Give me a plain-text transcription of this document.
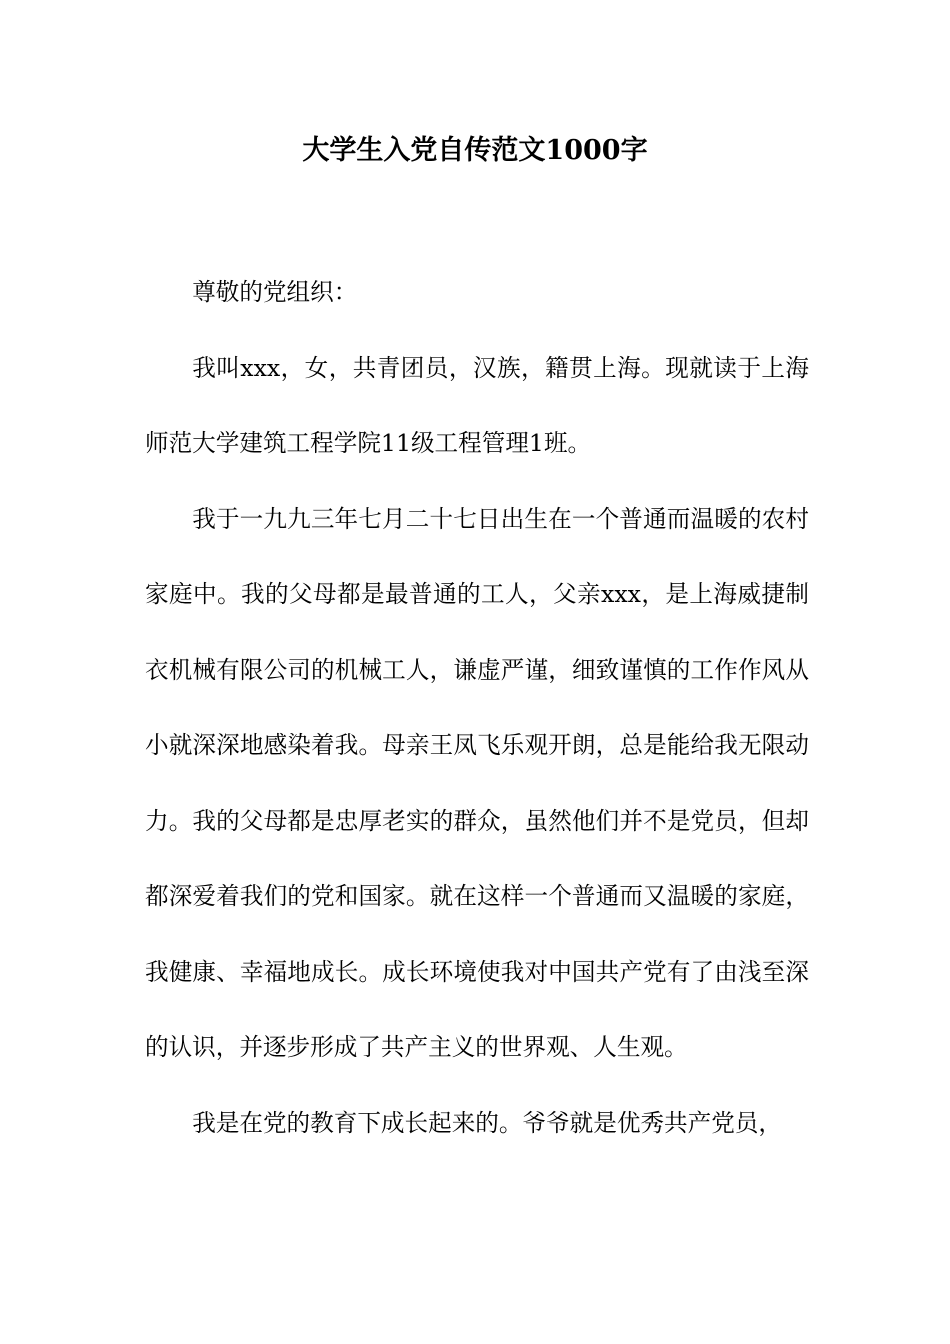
大学生入党自传范文1000字

尊敬的党组织：

我叫xxx，女，共青团员，汉族，籍贯上海。现就读于上海师范大学建筑工程学院11级工程管理1班。

我于一九九三年七月二十七日出生在一个普通而温暖的农村家庭中。我的父母都是最普通的工人，父亲xxx，是上海威捷制衣机械有限公司的机械工人，谦虚严谨，细致谨慎的工作作风从小就深深地感染着我。母亲王凤飞乐观开朗，总是能给我无限动力。我的父母都是忠厚老实的群众，虽然他们并不是党员，但却都深爱着我们的党和国家。就在这样一个普通而又温暖的家庭，我健康、幸福地成长。成长环境使我对中国共产党有了由浅至深的认识，并逐步形成了共产主义的世界观、人生观。

我是在党的教育下成长起来的。爷爷就是优秀共产党员，
